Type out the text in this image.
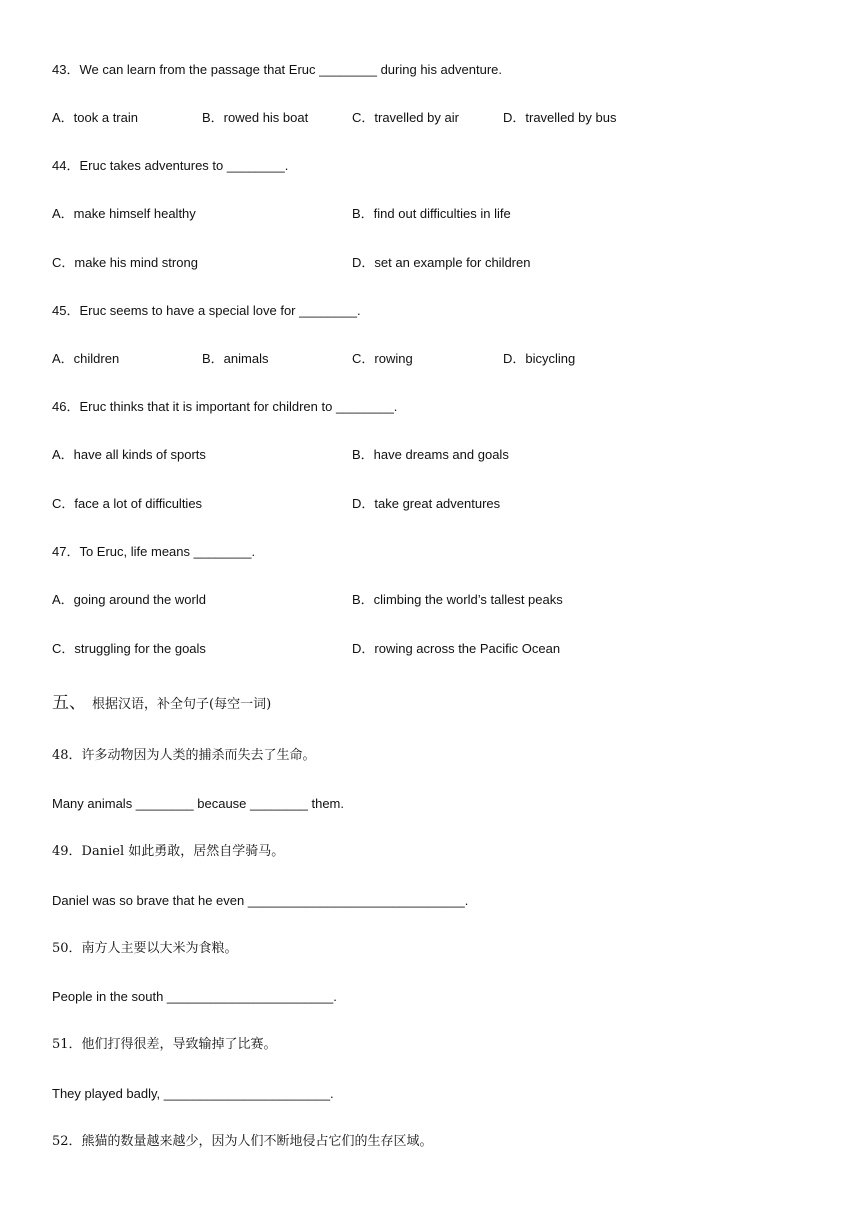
43．We can learn from the passage that Eruc ________ during his adventure.
A．took a train	B．rowed his boat	C．travelled by air	D．travelled by bus
44．Eruc takes adventures to ________.
A．make himself healthy	B．find out difficulties in life
C．make his mind strong	D．set an example for children
45．Eruc seems to have a special love for ________.
A．children	B．animals	C．rowing	D．bicycling
46．Eruc thinks that it is important for children to ________.
A．have all kinds of sports	B．have dreams and goals
C．face a lot of difficulties	D．take great adventures
47．To Eruc, life means ________.
A．going around the world	B．climbing the world’s tallest peaks
C．struggling for the goals	D．rowing across the Pacific Ocean
五、 根据汉语，补全句子(每空一词)
48．许多动物因为人类的捕杀而失去了生命。
Many animals ________ because ________ them.
49．Daniel 如此勇敢，居然自学骑马。
Daniel was so brave that he even ______________________________.
50．南方人主要以大米为食粮。
People in the south _______________________.
51．他们打得很差，导致输掉了比赛。
They played badly, _______________________.
52．熊猫的数量越来越少，因为人们不断地侵占它们的生存区域。
